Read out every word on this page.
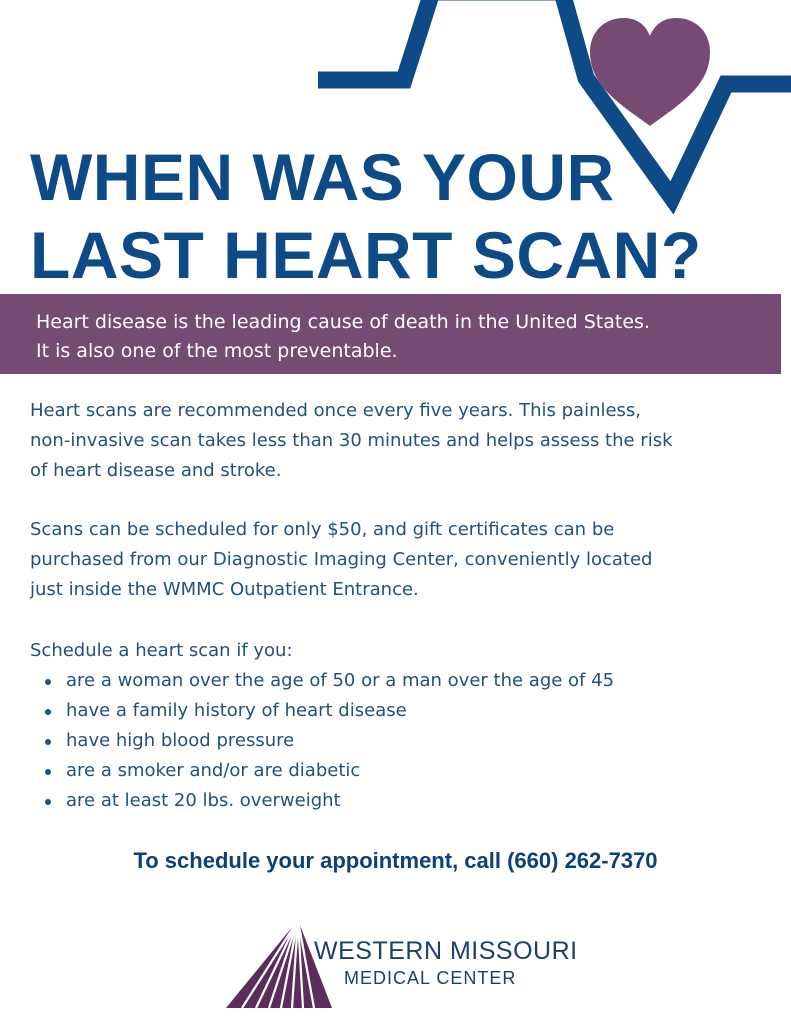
WHEN WAS YOUR
LAST HEART SCAN?

Heart disease is the leading cause of death in the United States.
It is also one of the most preventable.

Heart scans are recommended once every five years. This painless,
non-invasive scan takes less than 30 minutes and helps assess the risk
of heart disease and stroke.

Scans can be scheduled for only $50, and gift certificates can be
purchased from our Diagnostic Imaging Center, conveniently located
just inside the WMMC Outpatient Entrance.

Schedule a heart scan if you:
are a woman over the age of 50 or a man over the age of 45
have a family history of heart disease
have high blood pressure
are a smoker and/or are diabetic
are at least 20 lbs. overweight
To schedule your appointment, call (660) 262-7370
WESTERN MISSOURI
MEDICAL CENTER
